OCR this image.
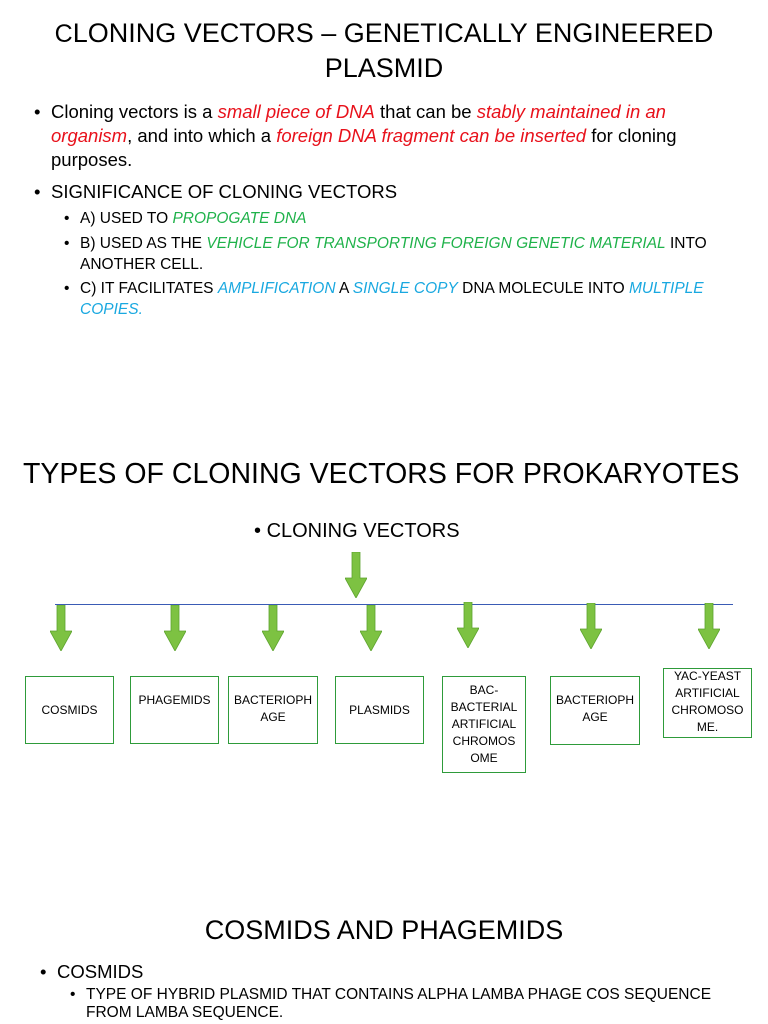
CLONING VECTORS – GENETICALLY ENGINEERED
PLASMID
• Cloning vectors is a small piece of DNA that can be stably maintained in an organism, and into which a foreign DNA fragment can be inserted for cloning purposes.
• SIGNIFICANCE OF CLONING VECTORS
• A) USED TO PROPOGATE DNA
• B) USED AS THE VEHICLE FOR TRANSPORTING FOREIGN GENETIC MATERIAL INTO ANOTHER CELL.
• C) IT FACILITATES AMPLIFICATION A SINGLE COPY DNA MOLECULE INTO MULTIPLE COPIES.
TYPES OF CLONING VECTORS FOR PROKARYOTES
• CLONING VECTORS
COSMIDS
PHAGEMIDS	BACTERIOPH AGE
PLASMIDS
BAC- BACTERIAL ARTIFICIAL CHROMOS OME
BACTERIOPH AGE
YAC-YEAST ARTIFICIAL CHROMOSO ME.
COSMIDS AND PHAGEMIDS
• COSMIDS
• TYPE OF HYBRID PLASMID THAT CONTAINS ALPHA LAMBA PHAGE COS SEQUENCE FROM LAMBA SEQUENCE.
